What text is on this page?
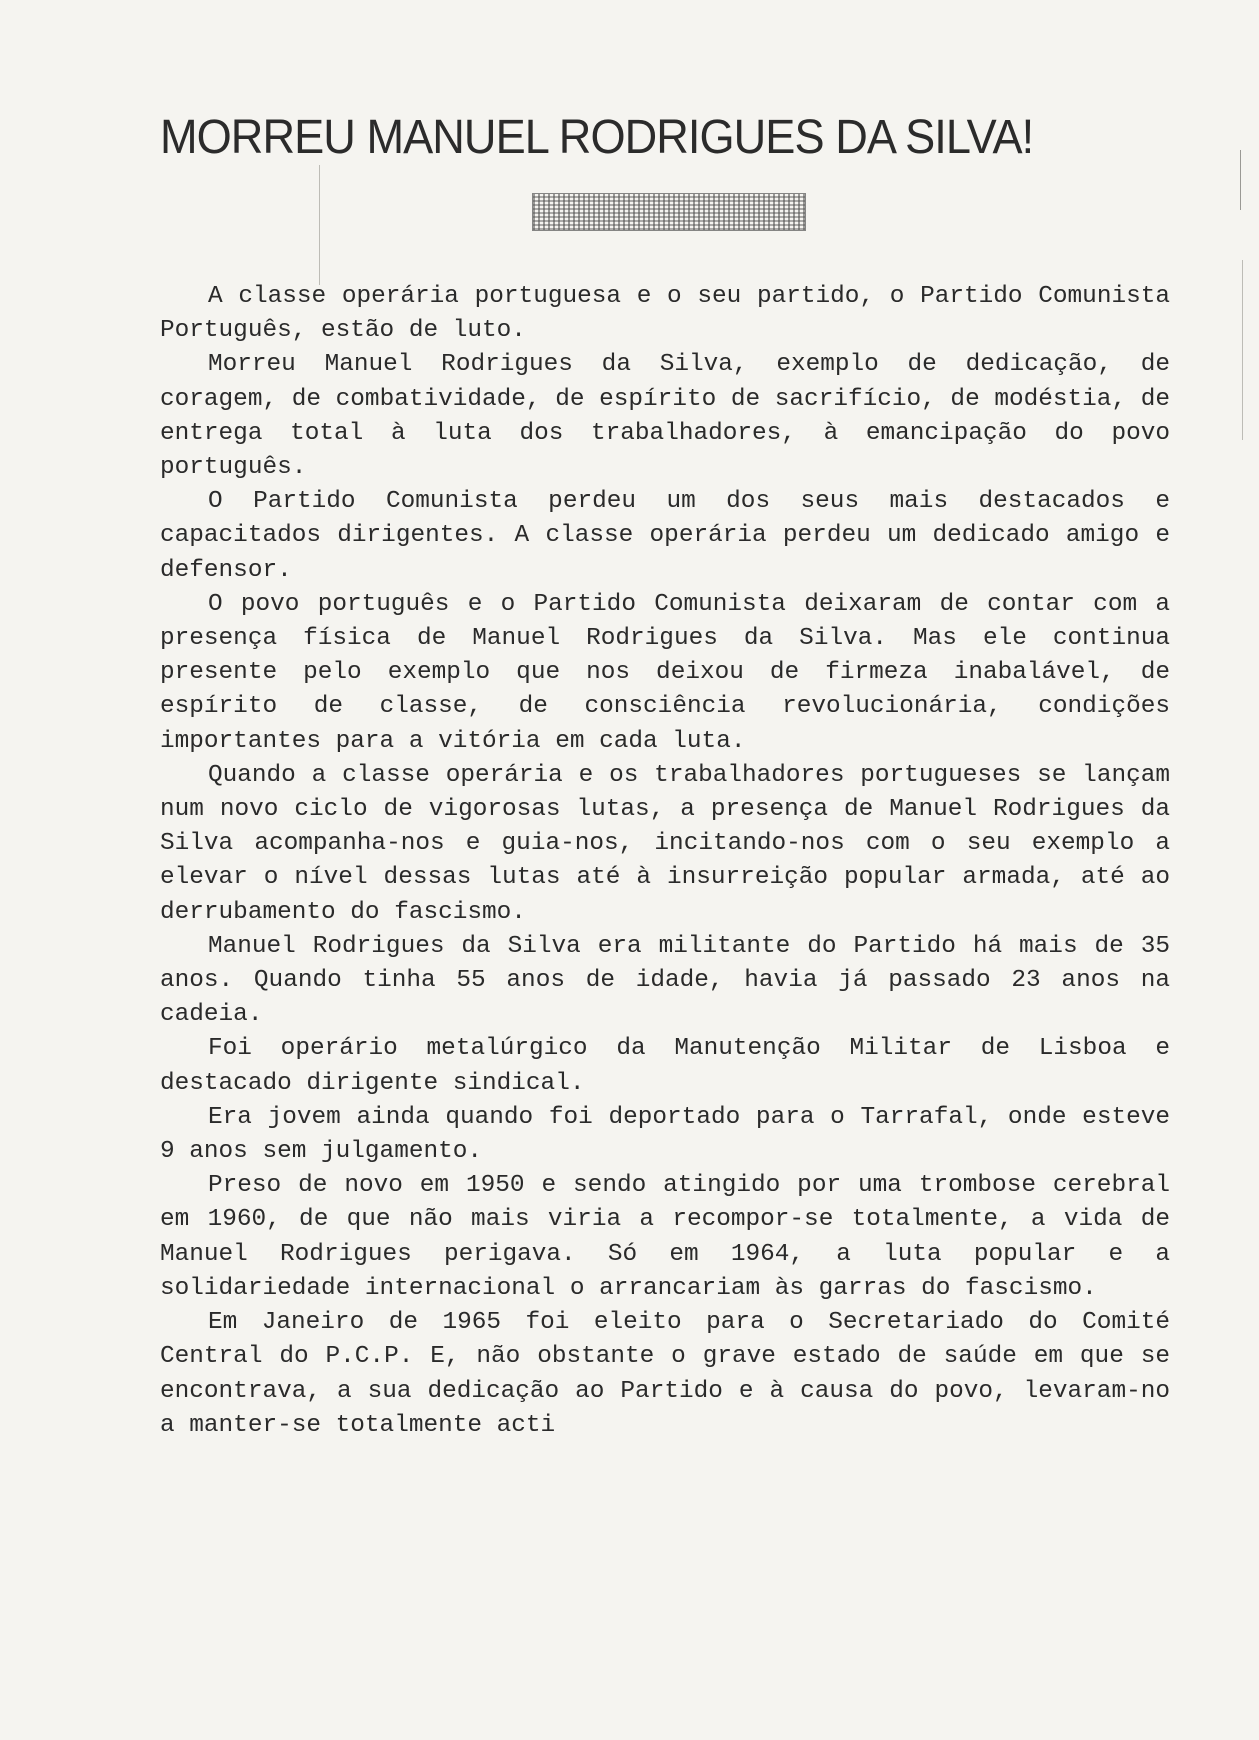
MORREU MANUEL RODRIGUES DA SILVA!

A classe operária portuguesa e o seu partido, o Partido Comunista Português, estão de luto.

Morreu Manuel Rodrigues da Silva, exemplo de dedicação, de coragem, de combatividade, de espírito de sacrifício, de modéstia, de entrega total à luta dos trabalhadores, à emancipação do povo português.

O Partido Comunista perdeu um dos seus mais destacados e capacitados dirigentes. A classe operária perdeu um dedicado amigo e defensor.

O povo português e o Partido Comunista deixaram de contar com a presença física de Manuel Rodrigues da Silva. Mas ele continua presente pelo exemplo que nos deixou de firmeza inabalável, de espírito de classe, de consciência revolucionária, condições importantes para a vitória em cada luta.

Quando a classe operária e os trabalhadores portugueses se lançam num novo ciclo de vigorosas lutas, a presença de Manuel Rodrigues da Silva acompanha-nos e guia-nos, incitando-nos com o seu exemplo a elevar o nível dessas lutas até à insurreição popular armada, até ao derrubamento do fascismo.

Manuel Rodrigues da Silva era militante do Partido há mais de 35 anos. Quando tinha 55 anos de idade, havia já passado 23 anos na cadeia.

Foi operário metalúrgico da Manutenção Militar de Lisboa e destacado dirigente sindical.

Era jovem ainda quando foi deportado para o Tarrafal, onde esteve 9 anos sem julgamento.

Preso de novo em 1950 e sendo atingido por uma trombose cerebral em 1960, de que não mais viria a recompor-se totalmente, a vida de Manuel Rodrigues perigava. Só em 1964, a luta popular e a solidariedade internacional o arrancariam às garras do fascismo.

Em Janeiro de 1965 foi eleito para o Secretariado do Comité Central do P.C.P. E, não obstante o grave estado de saúde em que se encontrava, a sua dedicação ao Partido e à causa do povo, levaram-no a manter-se totalmente acti
